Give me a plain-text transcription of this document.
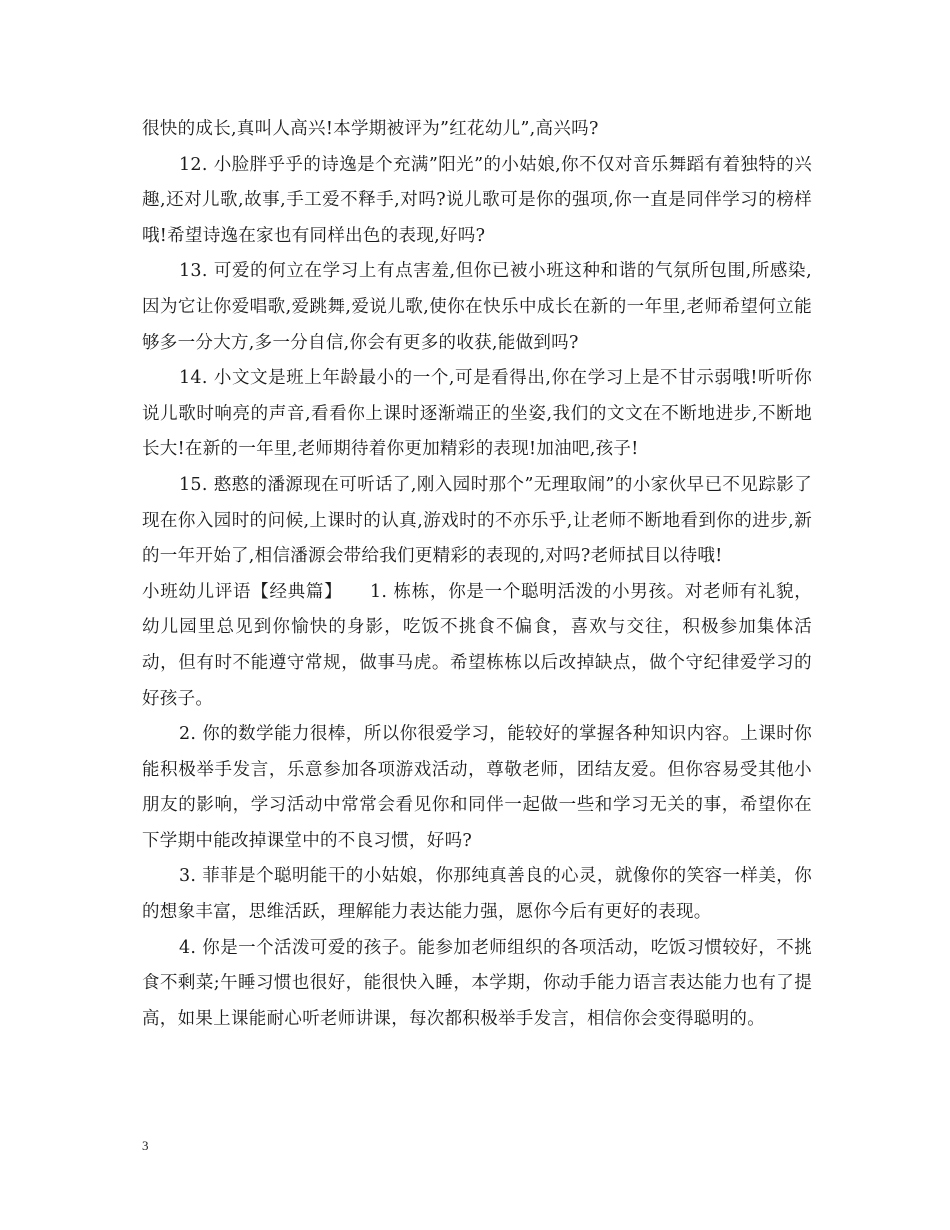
很快的成长,真叫人高兴!本学期被评为”红花幼儿”,高兴吗?

12. 小脸胖乎乎的诗逸是个充满”阳光”的小姑娘,你不仅对音乐舞蹈有着独特的兴趣,还对儿歌,故事,手工爱不释手,对吗?说儿歌可是你的强项,你一直是同伴学习的榜样哦!希望诗逸在家也有同样出色的表现,好吗?

13. 可爱的何立在学习上有点害羞,但你已被小班这种和谐的气氛所包围,所感染,因为它让你爱唱歌,爱跳舞,爱说儿歌,使你在快乐中成长在新的一年里,老师希望何立能够多一分大方,多一分自信,你会有更多的收获,能做到吗?

14. 小文文是班上年龄最小的一个,可是看得出,你在学习上是不甘示弱哦!听听你说儿歌时响亮的声音,看看你上课时逐渐端正的坐姿,我们的文文在不断地进步,不断地长大!在新的一年里,老师期待着你更加精彩的表现!加油吧,孩子!

15. 憨憨的潘源现在可听话了,刚入园时那个”无理取闹”的小家伙早已不见踪影了现在你入园时的问候,上课时的认真,游戏时的不亦乐乎,让老师不断地看到你的进步,新的一年开始了,相信潘源会带给我们更精彩的表现的,对吗?老师拭目以待哦!

小班幼儿评语【经典篇】　　1. 栋栋，你是一个聪明活泼的小男孩。对老师有礼貌，幼儿园里总见到你愉快的身影，吃饭不挑食不偏食，喜欢与交往，积极参加集体活动，但有时不能遵守常规，做事马虎。希望栋栋以后改掉缺点，做个守纪律爱学习的好孩子。

2. 你的数学能力很棒，所以你很爱学习，能较好的掌握各种知识内容。上课时你能积极举手发言，乐意参加各项游戏活动，尊敬老师，团结友爱。但你容易受其他小朋友的影响，学习活动中常常会看见你和同伴一起做一些和学习无关的事，希望你在下学期中能改掉课堂中的不良习惯，好吗?

3. 菲菲是个聪明能干的小姑娘，你那纯真善良的心灵，就像你的笑容一样美，你的想象丰富，思维活跃，理解能力表达能力强，愿你今后有更好的表现。

4. 你是一个活泼可爱的孩子。能参加老师组织的各项活动，吃饭习惯较好，不挑食不剩菜;午睡习惯也很好，能很快入睡，本学期，你动手能力语言表达能力也有了提高，如果上课能耐心听老师讲课，每次都积极举手发言，相信你会变得聪明的。

3
